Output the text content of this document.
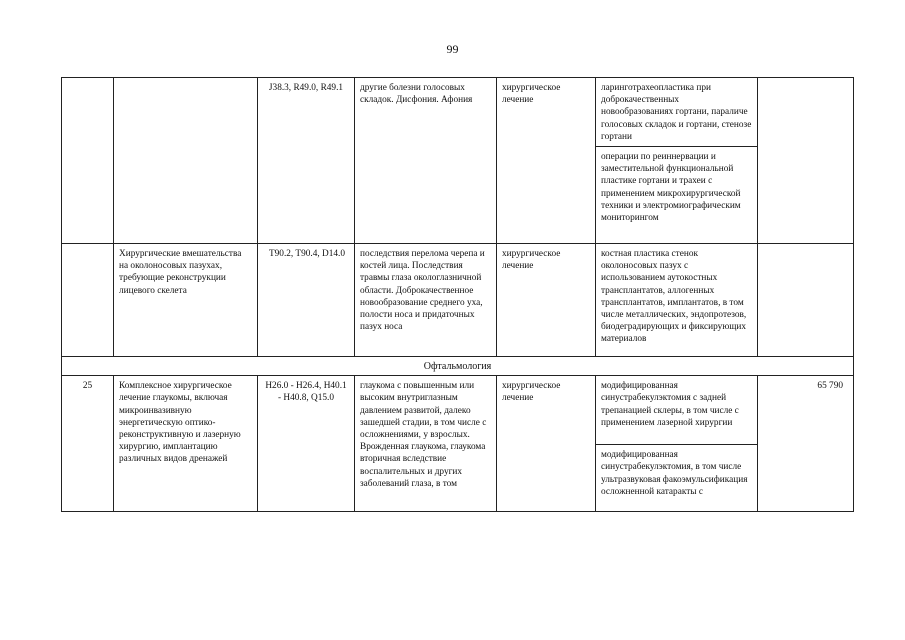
99
		J38.3, R49.0, R49.1	другие болезни голосовых складок. Дисфония. Афония	хирургическое лечение	ларинготрахеопластика при доброкачественных новообразованиях гортани, параличе голосовых складок и гортани, стенозе гортани	
					операции по реиннервации и заместительной функциональной пластике гортани и трахеи с применением микрохирургической техники и электромиографическим мониторингом	
	Хирургические вмешательства на околоносовых пазухах, требующие реконструкции лицевого скелета	T90.2, T90.4, D14.0	последствия перелома черепа и костей лица. Последствия травмы глаза окологлазничной области. Доброкачественное новообразование среднего уха, полости носа и придаточных пазух носа	хирургическое лечение	костная пластика стенок околоносовых пазух с использованием аутокостных трансплантатов, аллогенных трансплантатов, имплантатов, в том числе металлических, эндопротезов, биодеградирующих и фиксирующих материалов	
Офтальмология						
25	Комплексное хирургическое лечение глаукомы, включая микроинвазивную энергетическую оптико-реконструктивную и лазерную хирургию, имплантацию различных видов дренажей	H26.0 - H26.4, H40.1 - H40.8, Q15.0	глаукома с повышенным или высоким внутриглазным давлением развитой, далеко зашедшей стадии, в том числе с осложнениями, у взрослых. Врожденная глаукома, глаукома вторичная вследствие воспалительных и других заболеваний глаза, в том	хирургическое лечение	модифицированная синустрабекулэктомия с задней трепанацией склеры, в том числе с применением лазерной хирургии	65 790
					модифицированная синустрабекулэктомия, в том числе ультразвуковая факоэмульсификация осложненной катаракты с	
